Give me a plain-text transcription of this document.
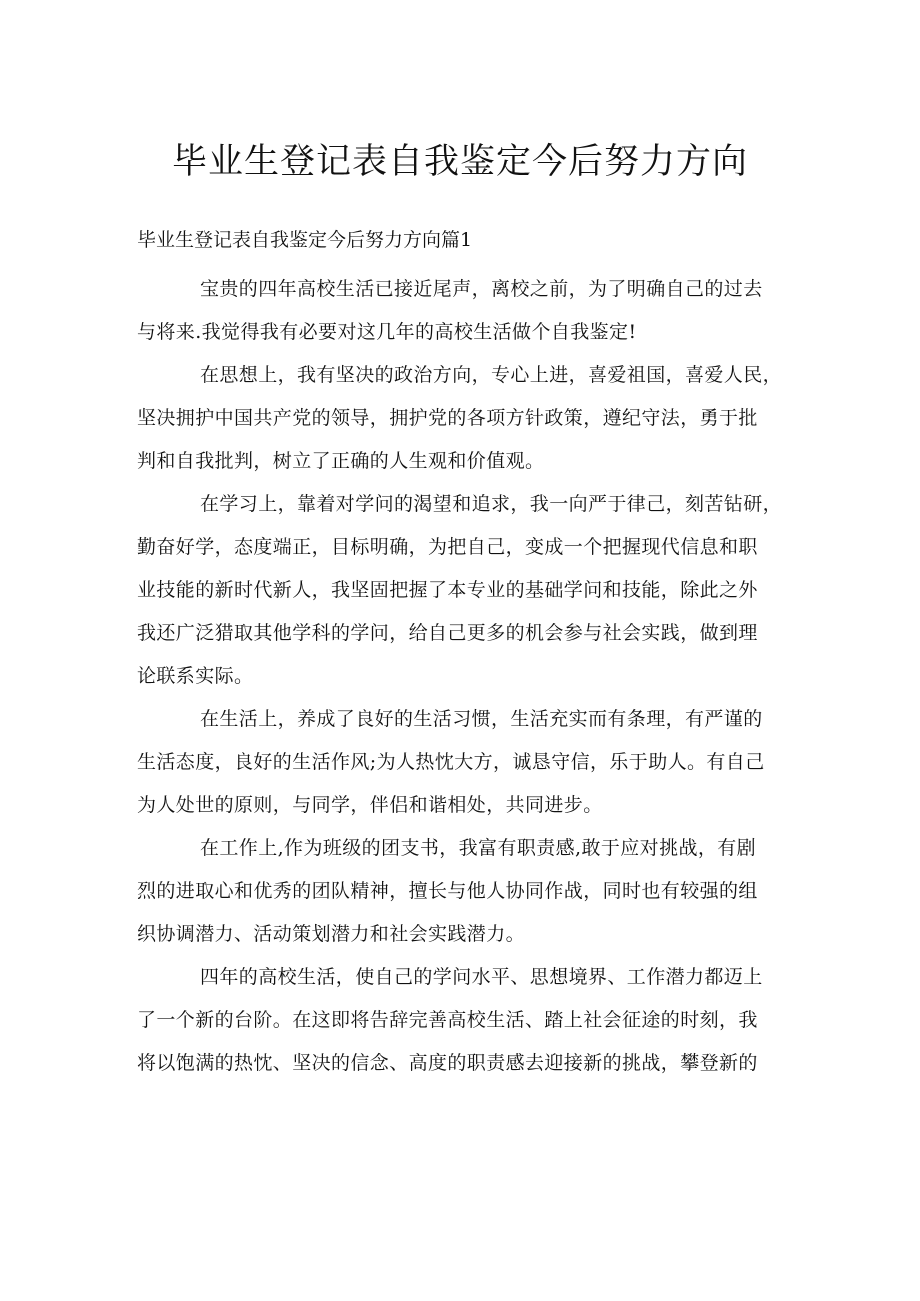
毕业生登记表自我鉴定今后努力方向

毕业生登记表自我鉴定今后努力方向篇1

宝贵的四年高校生活已接近尾声，离校之前，为了明确自己的过去
与将来.我觉得我有必要对这几年的高校生活做个自我鉴定!

在思想上，我有坚决的政治方向，专心上进，喜爱祖国，喜爱人民，
坚决拥护中国共产党的领导，拥护党的各项方针政策，遵纪守法，勇于批
判和自我批判，树立了正确的人生观和价值观。

在学习上，靠着对学问的渴望和追求，我一向严于律己，刻苦钻研，
勤奋好学，态度端正，目标明确，为把自己，变成一个把握现代信息和职
业技能的新时代新人，我坚固把握了本专业的基础学问和技能，除此之外
我还广泛猎取其他学科的学问，给自己更多的机会参与社会实践，做到理
论联系实际。

在生活上，养成了良好的生活习惯，生活充实而有条理，有严谨的
生活态度，良好的生活作风;为人热忱大方，诚恳守信，乐于助人。有自己
为人处世的原则，与同学，伴侣和谐相处，共同进步。

在工作上,作为班级的团支书，我富有职责感,敢于应对挑战，有剧
烈的进取心和优秀的团队精神，擅长与他人协同作战，同时也有较强的组
织协调潜力、活动策划潜力和社会实践潜力。

四年的高校生活，使自己的学问水平、思想境界、工作潜力都迈上
了一个新的台阶。在这即将告辞完善高校生活、踏上社会征途的时刻，我
将以饱满的热忱、坚决的信念、高度的职责感去迎接新的挑战，攀登新的
